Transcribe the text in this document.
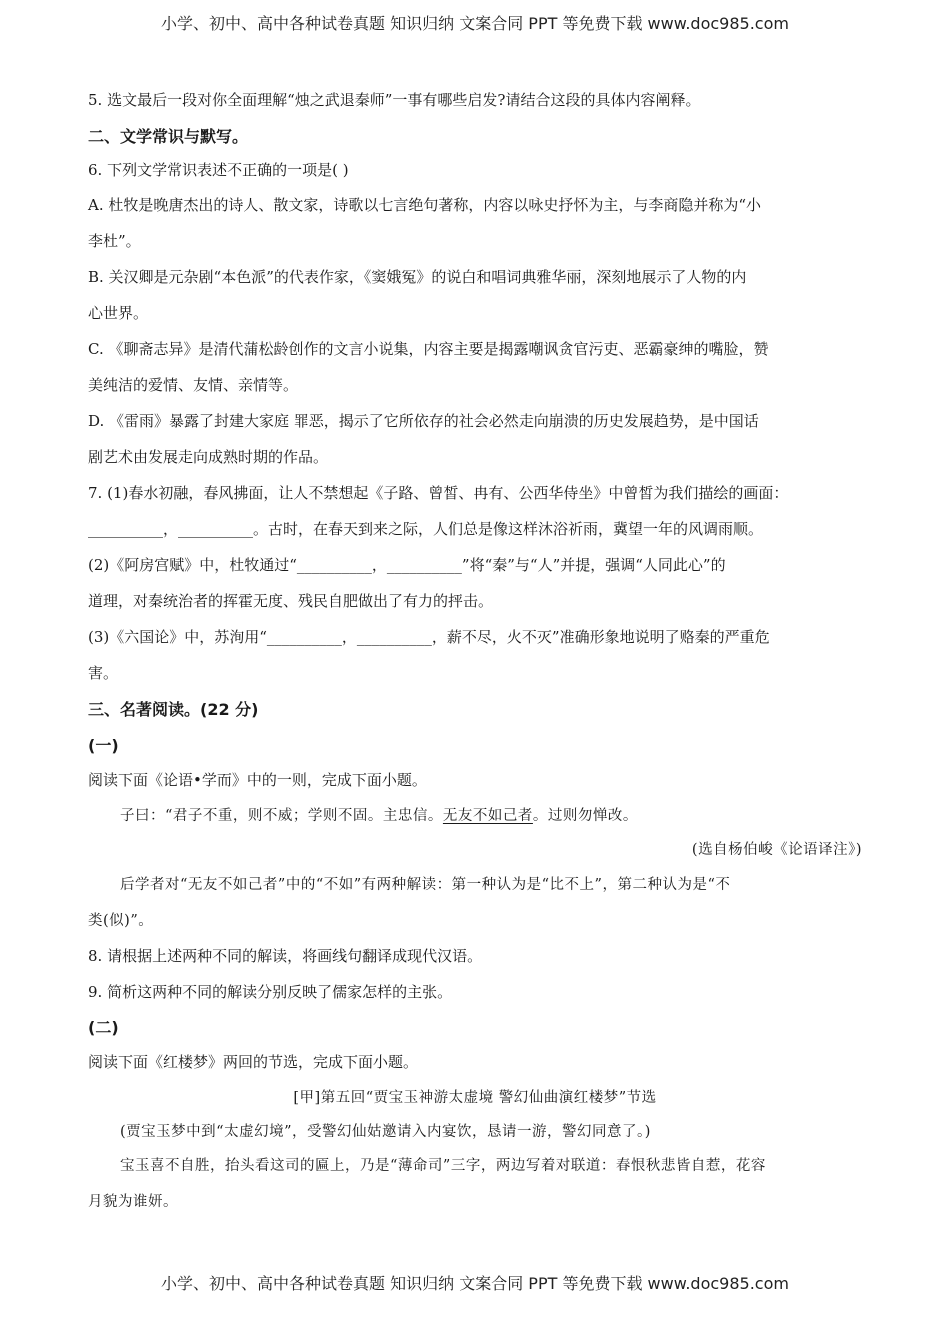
小学、初中、高中各种试卷真题 知识归纳 文案合同 PPT 等免费下载 www.doc985.com
5. 选文最后一段对你全面理解“烛之武退秦师”一事有哪些启发?请结合这段的具体内容阐释。
二、文学常识与默写。
6. 下列文学常识表述不正确的一项是( )
A. 杜牧是晚唐杰出的诗人、散文家，诗歌以七言绝句著称，内容以咏史抒怀为主，与李商隐并称为“小
李杜”。
B. 关汉卿是元杂剧“本色派”的代表作家，《窦娥冤》的说白和唱词典雅华丽，深刻地展示了人物的内
心世界。
C. 《聊斋志异》是清代蒲松龄创作的文言小说集，内容主要是揭露嘲讽贪官污吏、恶霸豪绅的嘴脸，赞
美纯洁的爱情、友情、亲情等。
D. 《雷雨》暴露了封建大家庭 罪恶，揭示了它所依存的社会必然走向崩溃的历史发展趋势，是中国话
剧艺术由发展走向成熟时期的作品。
7. (1)春水初融，春风拂面，让人不禁想起《子路、曾皙、冉有、公西华侍坐》中曾皙为我们描绘的画面：
__________，__________。古时，在春天到来之际，人们总是像这样沐浴祈雨，冀望一年的风调雨顺。
(2)《阿房宫赋》中，杜牧通过“__________，__________”将“秦”与“人”并提，强调“人同此心”的
道理，对秦统治者的挥霍无度、残民自肥做出了有力的抨击。
(3)《六国论》中，苏洵用“__________，__________，薪不尽，火不灭”准确形象地说明了赂秦的严重危
害。
三、名著阅读。(22 分)
(一)
阅读下面《论语•学而》中的一则，完成下面小题。
子曰：“君子不重，则不威；学则不固。主忠信。无友不如己者。过则勿惮改。
(选自杨伯峻《论语译注》)
后学者对“无友不如己者”中的“不如”有两种解读：第一种认为是“比不上”，第二种认为是“不
类(似)”。
8. 请根据上述两种不同的解读，将画线句翻译成现代汉语。
9. 简析这两种不同的解读分别反映了儒家怎样的主张。
(二)
阅读下面《红楼梦》两回的节选，完成下面小题。
[甲]第五回“贾宝玉神游太虚境 警幻仙曲演红楼梦”节选
(贾宝玉梦中到“太虚幻境”，受警幻仙姑邀请入内宴饮，恳请一游，警幻同意了。)
宝玉喜不自胜，抬头看这司的匾上，乃是“薄命司”三字，两边写着对联道：春恨秋悲皆自惹，花容
月貌为谁妍。
小学、初中、高中各种试卷真题 知识归纳 文案合同 PPT 等免费下载 www.doc985.com
